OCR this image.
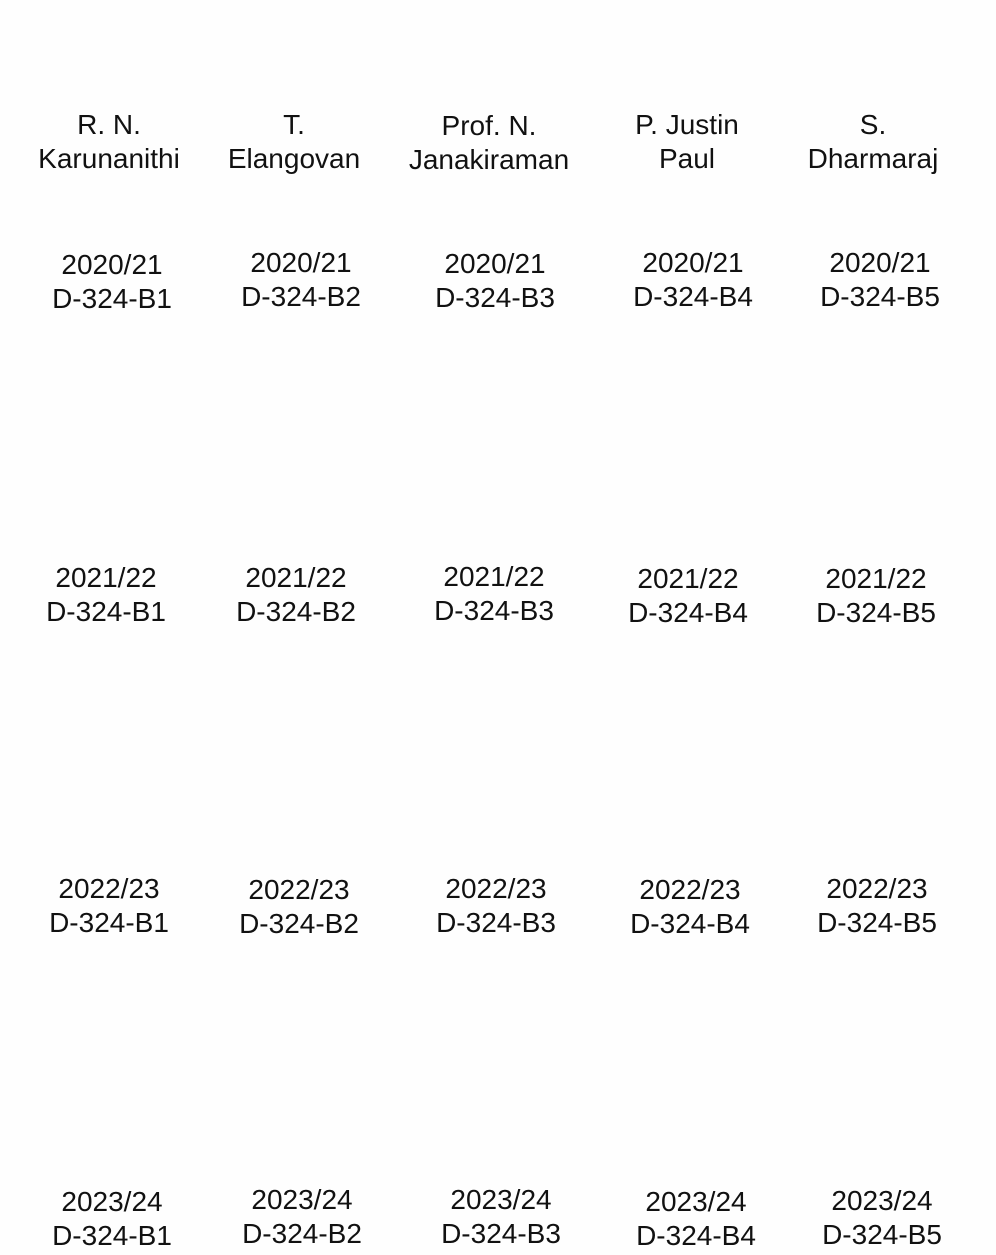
R. N.
Karunanithi
T.
Elangovan
Prof. N.
Janakiraman
P. Justin
Paul
S.
Dharmaraj
2020/21
D-324-B1
2020/21
D-324-B2
2020/21
D-324-B3
2020/21
D-324-B4
2020/21
D-324-B5
2021/22
D-324-B1
2021/22
D-324-B2
2021/22
D-324-B3
2021/22
D-324-B4
2021/22
D-324-B5
2022/23
D-324-B1
2022/23
D-324-B2
2022/23
D-324-B3
2022/23
D-324-B4
2022/23
D-324-B5
2023/24
D-324-B1
2023/24
D-324-B2
2023/24
D-324-B3
2023/24
D-324-B4
2023/24
D-324-B5
